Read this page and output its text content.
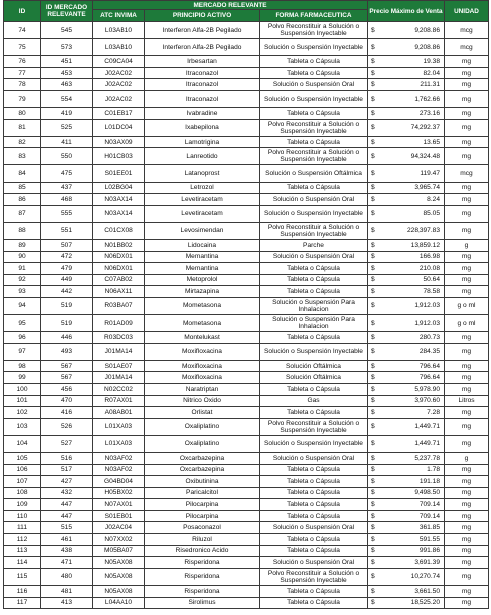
ID	ID MERCADO RELEVANTE	MERCADO RELEVANTE			Precio Máximo de Venta	UNIDAD
		ATC INVIMA	PRINCIPIO ACTIVO	FORMA FARMACEUTICA		
74	545	L03AB10	Interferon Alfa-2B Pegilado	Polvo Reconstituir a Solución o Suspensión Inyectable	$ 9,208.86	mcg
75	573	L03AB10	Interferon Alfa-2B Pegilado	Solución o Suspensión Inyectable	$ 9,208.86	mcg
76	451	C09CA04	Irbesartan	Tableta o Cápsula	$ 19.38	mg
77	453	J02AC02	Itraconazol	Tableta o Cápsula	$ 82.04	mg
78	463	J02AC02	Itraconazol	Solución o Suspensión Oral	$ 211.31	mg
79	554	J02AC02	Itraconazol	Solución o Suspensión Inyectable	$ 1,762.66	mg
80	419	C01EB17	Ivabradine	Tableta o Cápsula	$ 273.16	mg
81	525	L01DC04	Ixabepilona	Polvo Reconstituir a Solución o Suspensión Inyectable	$ 74,292.37	mg
82	411	N03AX09	Lamotrigina	Tableta o Cápsula	$ 13.65	mg
83	550	H01CB03	Lanreotido	Polvo Reconstituir a Solución o Suspensión Inyectable	$ 94,324.48	mg
84	475	S01EE01	Latanoprost	Solución o Suspensión Oftálmica	$ 119.47	mcg
85	437	L02BG04	Letrozol	Tableta o Cápsula	$ 3,965.74	mg
86	468	N03AX14	Levetiracetam	Solución o Suspensión Oral	$ 8.24	mg
87	555	N03AX14	Levetiracetam	Solución o Suspensión Inyectable	$ 85.05	mg
88	551	C01CX08	Levosimendan	Polvo Reconstituir a Solución o Suspensión Inyectable	$ 228,397.83	mg
89	507	N01BB02	Lidocaina	Parche	$ 13,859.12	g
90	472	N06DX01	Memantina	Solución o Suspensión Oral	$ 166.98	mg
91	479	N06DX01	Memantina	Tableta o Cápsula	$ 210.08	mg
92	449	C07AB02	Metoprolol	Tableta o Cápsula	$ 50.64	mg
93	442	N06AX11	Mirtazapina	Tableta o Cápsula	$ 78.58	mg
94	519	R03BA07	Mometasona	Solución o Suspensión Para Inhalacion	$ 1,912.03	g o ml
95	519	R01AD09	Mometasona	Solución o Suspensión Para Inhalacion	$ 1,912.03	g o ml
96	446	R03DC03	Montelukast	Tableta o Cápsula	$ 280.73	mg
97	493	J01MA14	Moxifloxacina	Solución o Suspensión Inyectable	$ 284.35	mg
98	567	S01AE07	Moxifloxacina	Solución Oftálmica	$ 796.64	mg
99	567	J01MA14	Moxifloxacina	Solución Oftálmica	$ 796.64	mg
100	456	N02CC02	Naratriptan	Tableta o Cápsula	$ 5,978.90	mg
101	470	R07AX01	Nitrico Oxido	Gas	$ 3,970.60	Litros
102	416	A08AB01	Orlistat	Tableta o Cápsula	$ 7.28	mg
103	526	L01XA03	Oxaliplatino	Polvo Reconstituir a Solución o Suspensión Inyectable	$ 1,449.71	mg
104	527	L01XA03	Oxaliplatino	Solución o Suspensión Inyectable	$ 1,449.71	mg
105	516	N03AF02	Oxcarbazepina	Solución o Suspensión Oral	$ 5,237.78	g
106	517	N03AF02	Oxcarbazepina	Tableta o Cápsula	$ 1.78	mg
107	427	G04BD04	Oxibutinina	Tableta o Cápsula	$ 191.18	mg
108	432	H05BX02	Paricalcitol	Tableta o Cápsula	$ 9,498.50	mg
109	447	N07AX01	Pilocarpina	Tableta o Cápsula	$ 709.14	mg
110	447	S01EB01	Pilocarpina	Tableta o Cápsula	$ 709.14	mg
111	515	J02AC04	Posaconazol	Solución o Suspensión Oral	$ 361.85	mg
112	461	N07XX02	Riluzol	Tableta o Cápsula	$ 591.55	mg
113	438	M05BA07	Risedronico Acido	Tableta o Cápsula	$ 991.86	mg
114	471	N05AX08	Risperidona	Solución o Suspensión Oral	$ 3,691.39	mg
115	480	N05AX08	Risperidona	Polvo Reconstituir a Solución o Suspensión Inyectable	$ 10,270.74	mg
116	481	N05AX08	Risperidona	Tableta o Cápsula	$ 3,661.50	mg
117	413	L04AA10	Sirolimus	Tableta o Cápsula	$ 18,525.20	mg
